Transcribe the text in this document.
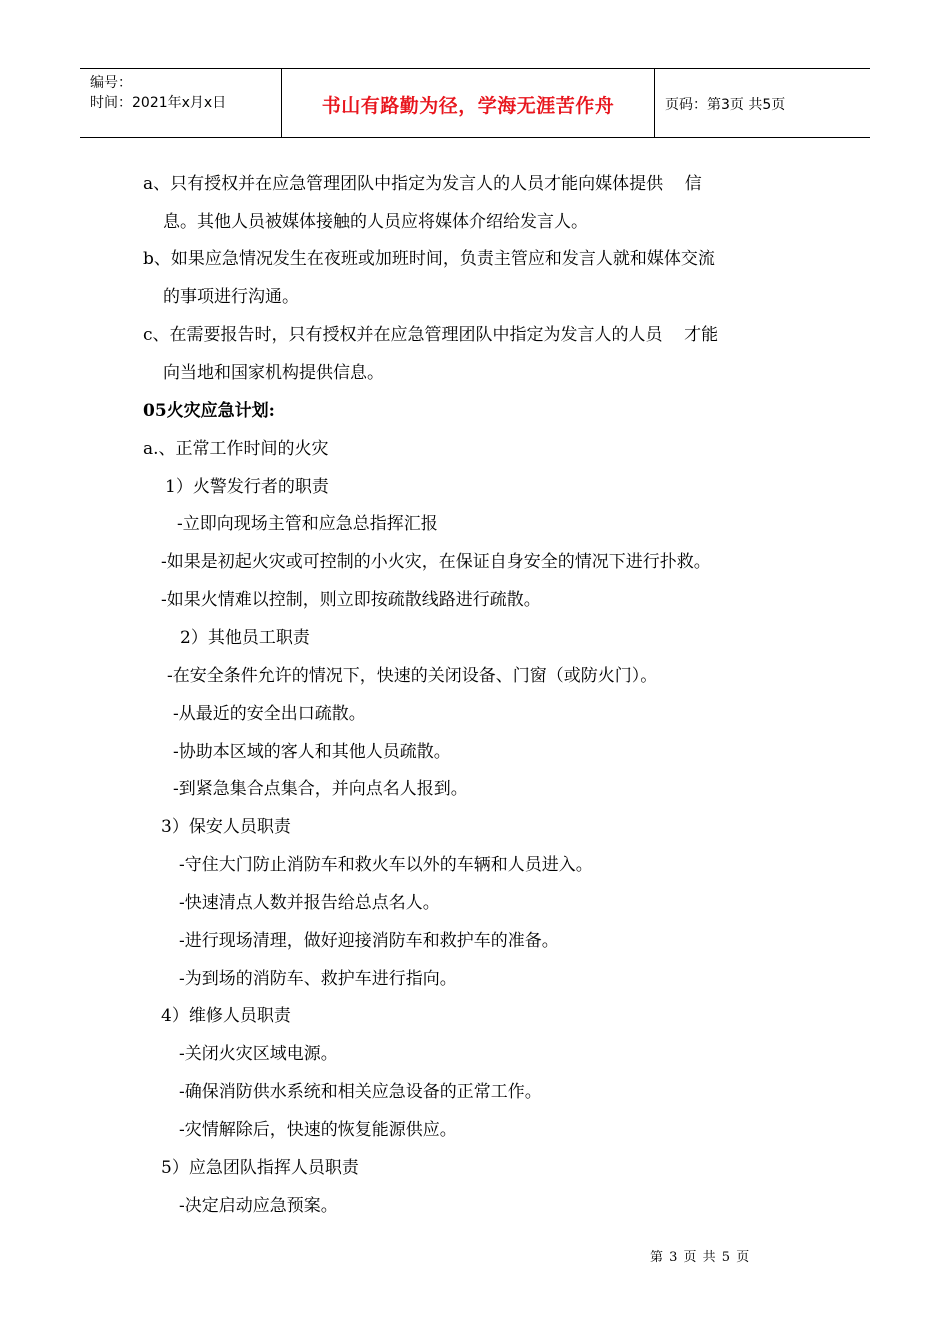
编号：
时间：2021年x月x日	书山有路勤为径，学海无涯苦作舟	页码：第3页 共5页
a、只有授权并在应急管理团队中指定为发言人的人员才能向媒体提供    信
息。其他人员被媒体接触的人员应将媒体介绍给发言人。
b、如果应急情况发生在夜班或加班时间，负责主管应和发言人就和媒体交流
的事项进行沟通。
c、在需要报告时，只有授权并在应急管理团队中指定为发言人的人员    才能
向当地和国家机构提供信息。
05火灾应急计划:
a.、正常工作时间的火灾
1）火警发行者的职责
-立即向现场主管和应急总指挥汇报
-如果是初起火灾或可控制的小火灾，在保证自身安全的情况下进行扑救。
-如果火情难以控制，则立即按疏散线路进行疏散。
2）其他员工职责
-在安全条件允许的情况下，快速的关闭设备、门窗（或防火门）。
-从最近的安全出口疏散。
-协助本区域的客人和其他人员疏散。
-到紧急集合点集合，并向点名人报到。
3）保安人员职责
-守住大门防止消防车和救火车以外的车辆和人员进入。
-快速清点人数并报告给总点名人。
-进行现场清理，做好迎接消防车和救护车的准备。
-为到场的消防车、救护车进行指向。
4）维修人员职责
-关闭火灾区域电源。
-确保消防供水系统和相关应急设备的正常工作。
-灾情解除后，快速的恢复能源供应。
5）应急团队指挥人员职责
-决定启动应急预案。
第 3 页 共 5 页
